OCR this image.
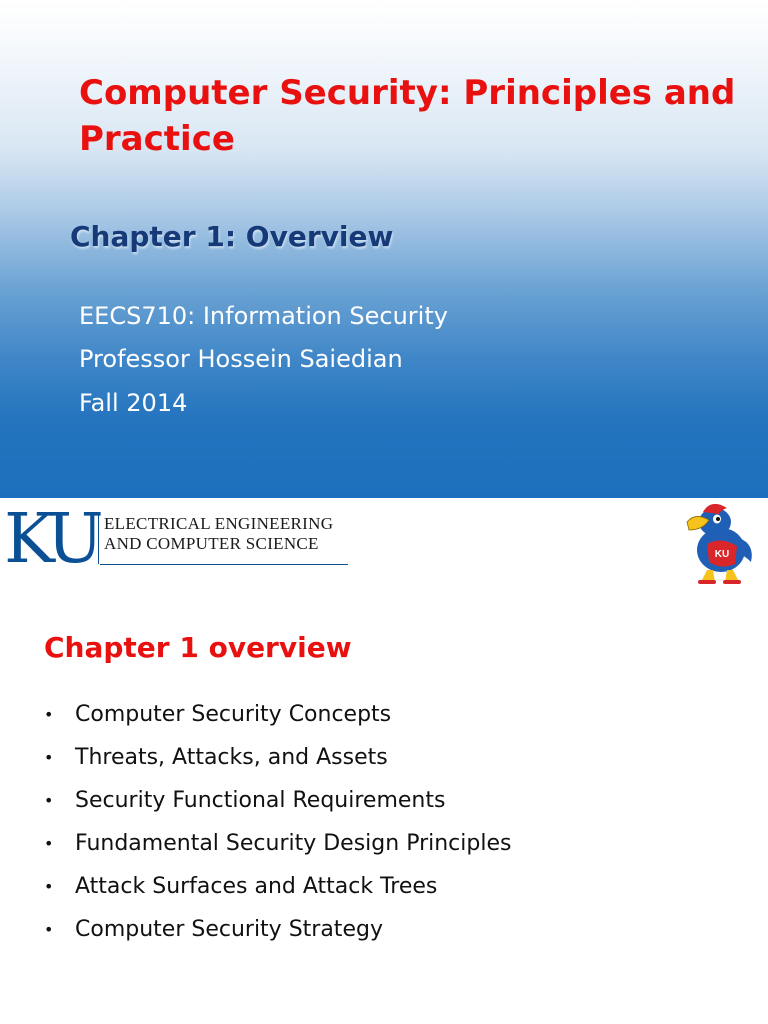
Computer Security: Principles and Practice
Chapter 1: Overview

EECS710: Information Security

Professor Hossein Saiedian

Fall 2014

KU ELECTRICAL ENGINEERING
AND COMPUTER SCIENCE
KU
Chapter 1 overview
• Computer Security Concepts
• Threats, Attacks, and Assets
• Security Functional Requirements
• Fundamental Security Design Principles
• Attack Surfaces and Attack Trees
• Computer Security Strategy
